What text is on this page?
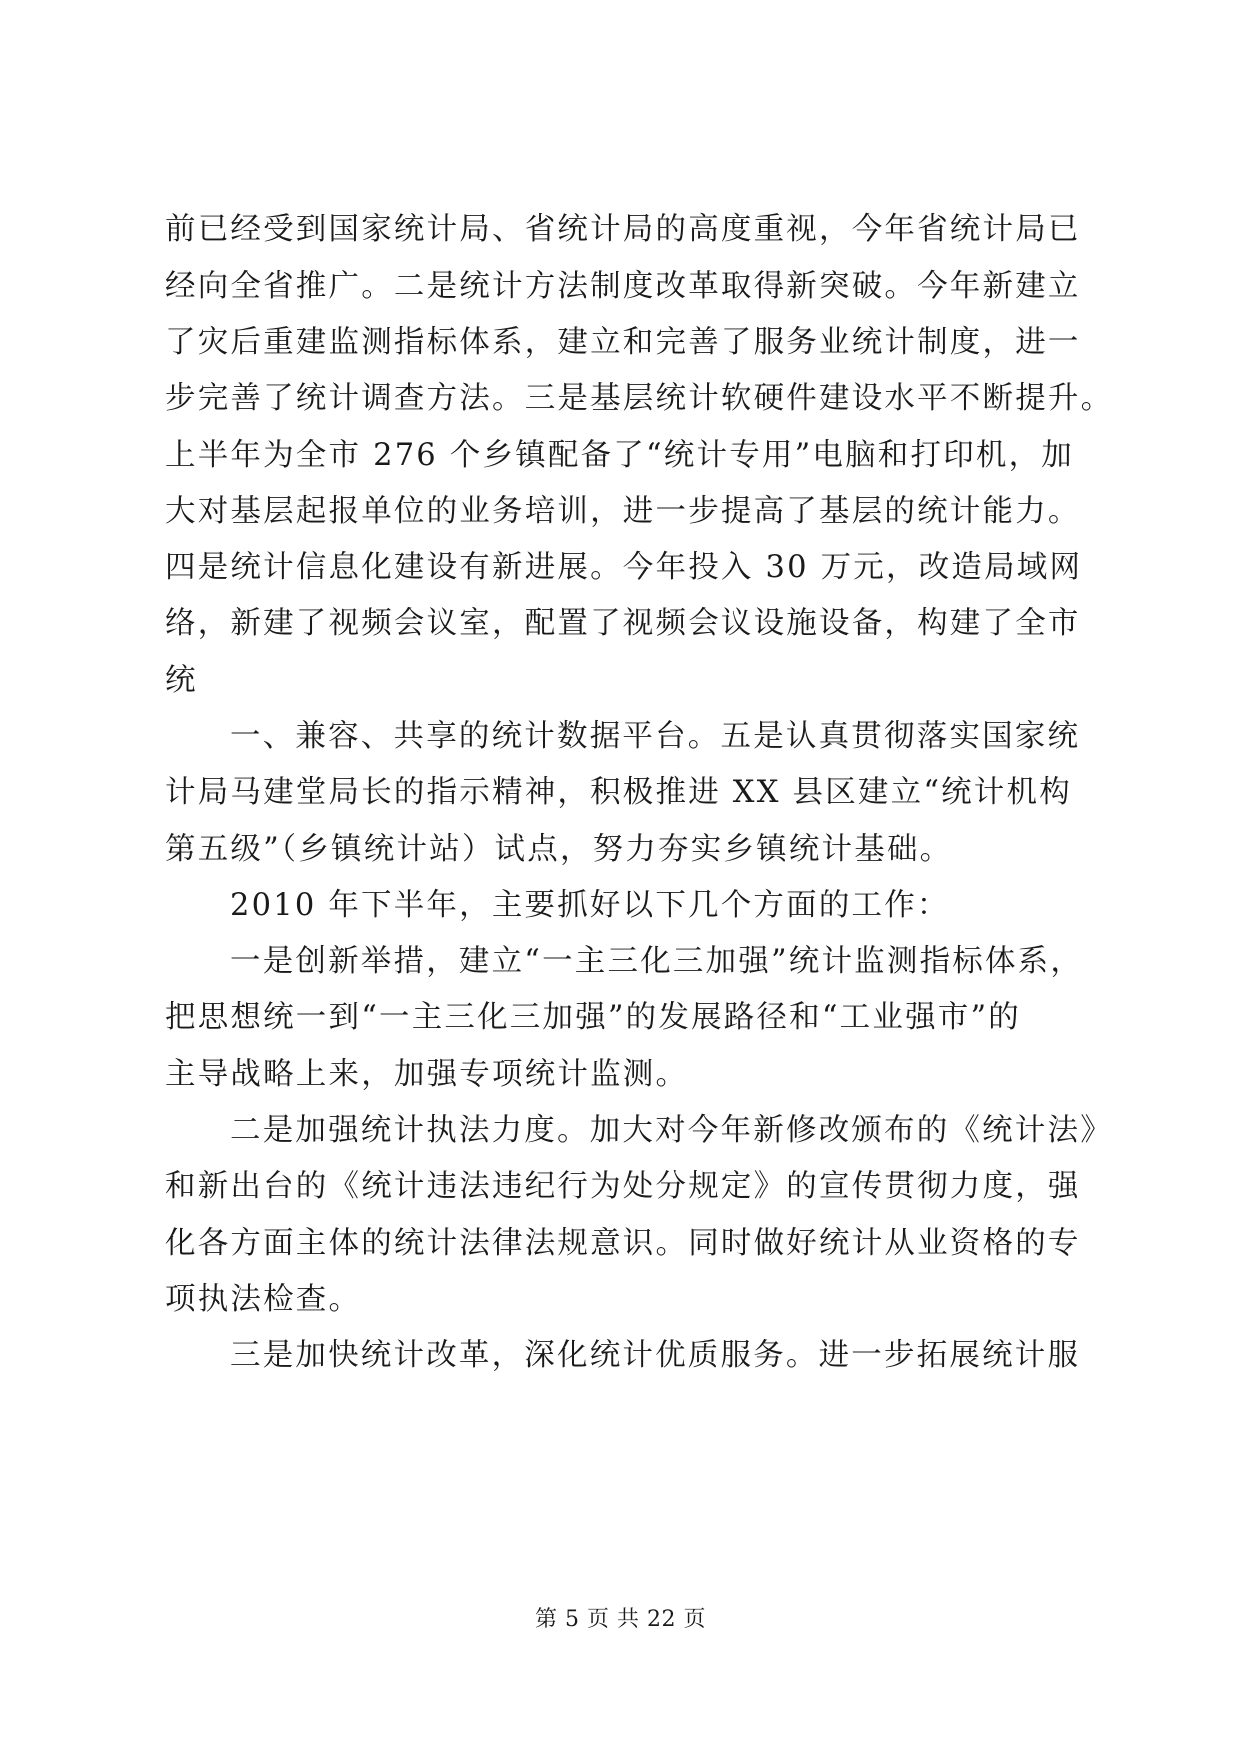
前已经受到国家统计局、省统计局的高度重视，今年省统计局已
经向全省推广。二是统计方法制度改革取得新突破。今年新建立
了灾后重建监测指标体系，建立和完善了服务业统计制度，进一
步完善了统计调查方法。三是基层统计软硬件建设水平不断提升。
上半年为全市 276 个乡镇配备了“统计专用”电脑和打印机，加
大对基层起报单位的业务培训，进一步提高了基层的统计能力。
四是统计信息化建设有新进展。今年投入 30 万元，改造局域网
络，新建了视频会议室，配置了视频会议设施设备，构建了全市
统
一、兼容、共享的统计数据平台。五是认真贯彻落实国家统
计局马建堂局长的指示精神，积极推进 XX 县区建立“统计机构
第五级”（乡镇统计站）试点，努力夯实乡镇统计基础。
2010 年下半年，主要抓好以下几个方面的工作：
一是创新举措，建立“一主三化三加强”统计监测指标体系，
把思想统一到“一主三化三加强”的发展路径和“工业强市”的
主导战略上来，加强专项统计监测。
二是加强统计执法力度。加大对今年新修改颁布的《统计法》
和新出台的《统计违法违纪行为处分规定》的宣传贯彻力度，强
化各方面主体的统计法律法规意识。同时做好统计从业资格的专
项执法检查。
三是加快统计改革，深化统计优质服务。进一步拓展统计服
第 5 页 共 22 页
